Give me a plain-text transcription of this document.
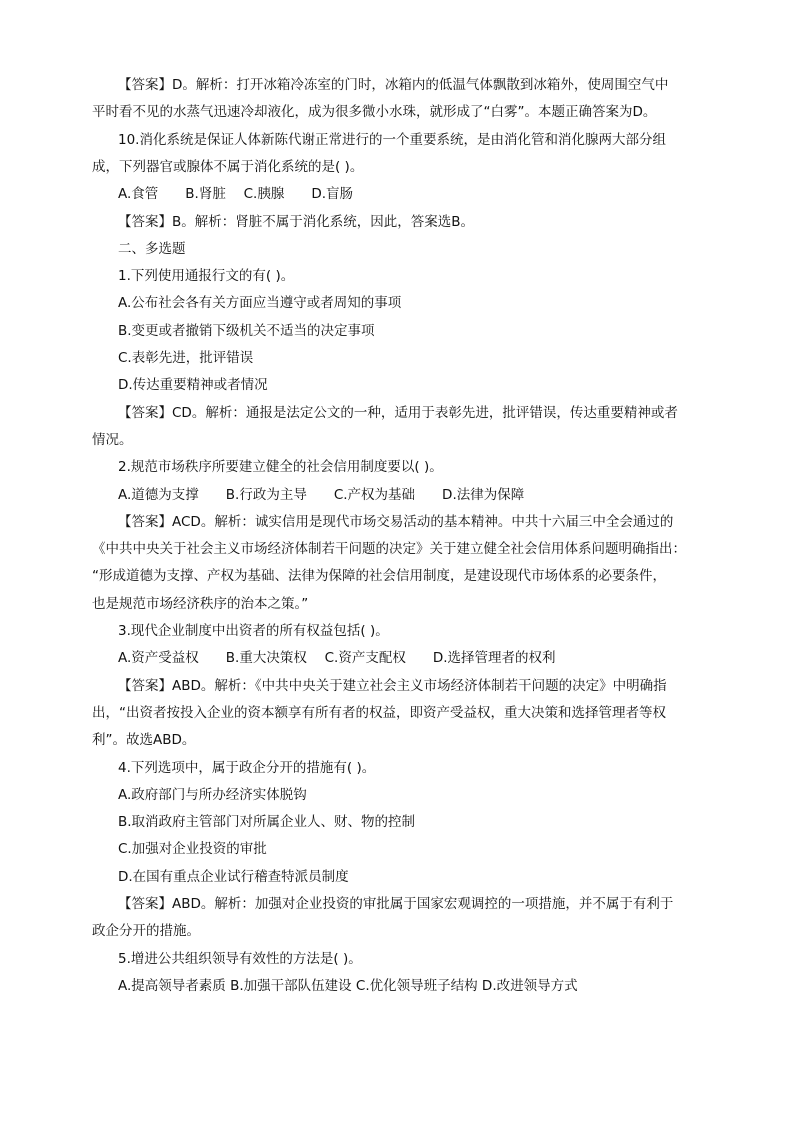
【答案】D。解析：打开冰箱冷冻室的门时，冰箱内的低温气体飘散到冰箱外，使周围空气中
平时看不见的水蒸气迅速冷却液化，成为很多微小水珠，就形成了“白雾”。本题正确答案为D。
10.消化系统是保证人体新陈代谢正常进行的一个重要系统，是由消化管和消化腺两大部分组
成，下列器官或腺体不属于消化系统的是( )。
A.食管　　B.肾脏　 C.胰腺　　D.盲肠
【答案】B。解析：肾脏不属于消化系统，因此，答案选B。
二、多选题
1.下列使用通报行文的有( )。
A.公布社会各有关方面应当遵守或者周知的事项
B.变更或者撤销下级机关不适当的决定事项
C.表彰先进，批评错误
D.传达重要精神或者情况
【答案】CD。解析：通报是法定公文的一种，适用于表彰先进，批评错误，传达重要精神或者
情况。
2.规范市场秩序所要建立健全的社会信用制度要以( )。
A.道德为支撑　　B.行政为主导　　C.产权为基础　　D.法律为保障
【答案】ACD。解析：诚实信用是现代市场交易活动的基本精神。中共十六届三中全会通过的
《中共中央关于社会主义市场经济体制若干问题的决定》关于建立健全社会信用体系问题明确指出：
“形成道德为支撑、产权为基础、法律为保障的社会信用制度，是建设现代市场体系的必要条件，
也是规范市场经济秩序的治本之策。”
3.现代企业制度中出资者的所有权益包括( )。
A.资产受益权　　B.重大决策权　 C.资产支配权　　D.选择管理者的权利
【答案】ABD。解析：《中共中央关于建立社会主义市场经济体制若干问题的决定》中明确指
出，“出资者按投入企业的资本额享有所有者的权益，即资产受益权，重大决策和选择管理者等权
利”。故选ABD。
4.下列选项中，属于政企分开的措施有( )。
A.政府部门与所办经济实体脱钩
B.取消政府主管部门对所属企业人、财、物的控制
C.加强对企业投资的审批
D.在国有重点企业试行稽查特派员制度
【答案】ABD。解析：加强对企业投资的审批属于国家宏观调控的一项措施，并不属于有利于
政企分开的措施。
5.增进公共组织领导有效性的方法是( )。
A.提高领导者素质 B.加强干部队伍建设 C.优化领导班子结构 D.改进领导方式
